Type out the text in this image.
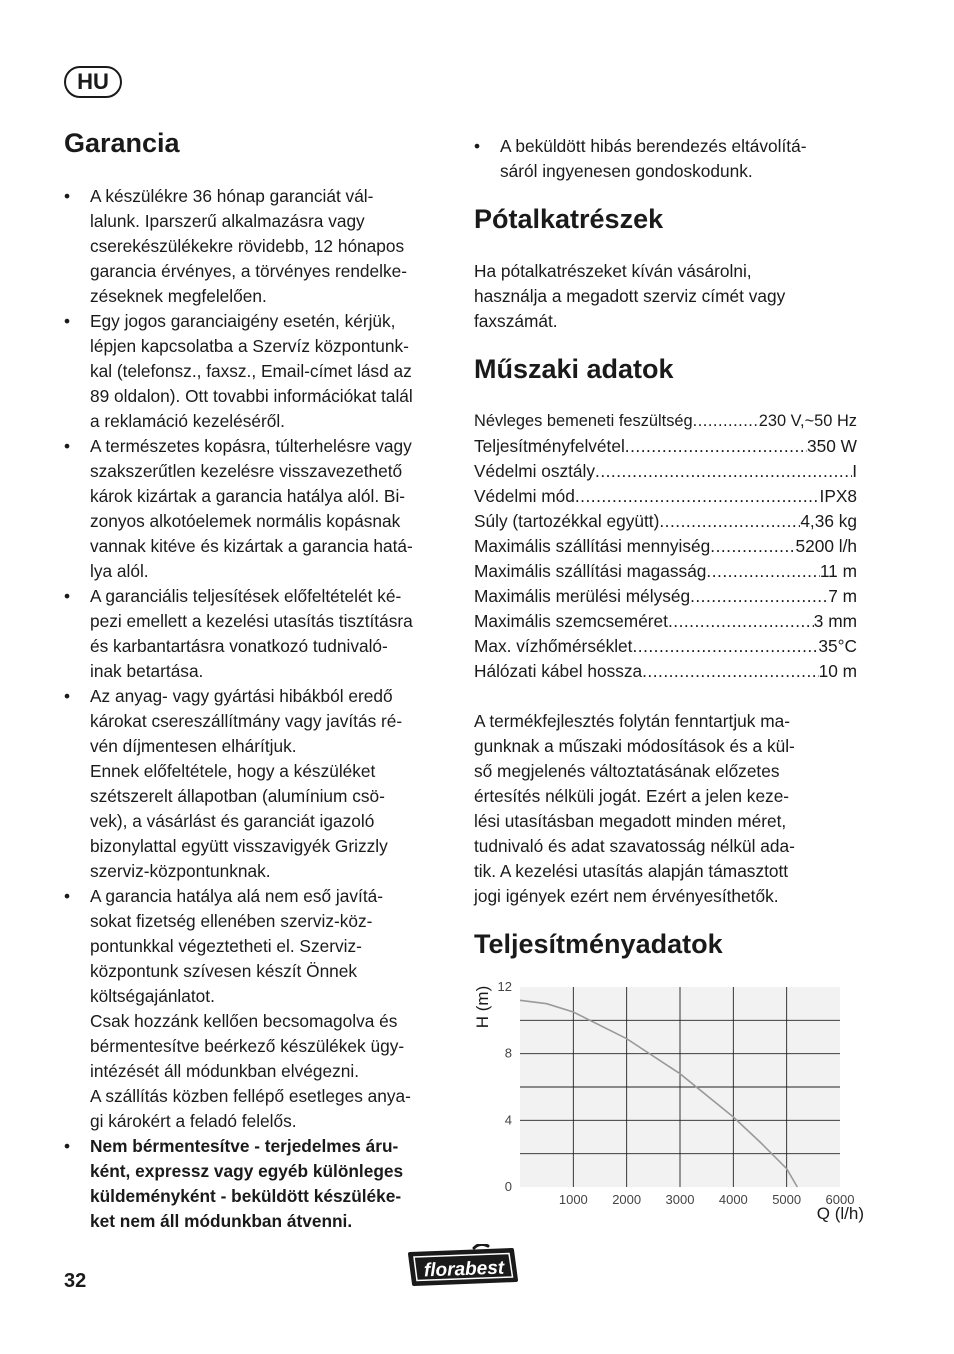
HU
Garancia
• A készülékre 36 hónap garanciát vál-
lalunk. Iparszerű alkalmazásra vagy
cserekészülékekre rövidebb, 12 hónapos
garancia érvényes, a törvényes rendelke-
zéseknek megfelelően.

• Egy jogos garanciaigény esetén, kérjük,
lépjen kapcsolatba a Szervíz központunk-
kal (telefonsz., faxsz., Email-címet lásd az
89 oldalon). Ott tovabbi információkat talál
a reklamáció kezeléséről.

• A természetes kopásra, túlterhelésre vagy
szakszerűtlen kezelésre visszavezethető
károk kizártak a garancia hatálya alól. Bi-
zonyos alkotóelemek normális kopásnak
vannak kitéve és kizártak a garancia hatá-
lya alól.

• A garanciális teljesítések előfeltételét ké-
pezi emellett a kezelési utasítás tisztításra
és karbantartásra vonatkozó tudnivaló-
inak betartása.

• Az anyag- vagy gyártási hibákból eredő
károkat csereszállítmány vagy javítás ré-
vén díjmentesen elhárítjuk.
Ennek előfeltétele, hogy a készüléket
szétszerelt állapotban (alumínium csö-
vek), a vásárlást és garanciát igazoló
bizonylattal együtt visszavigyék Grizzly
szerviz-központunknak.

• A garancia hatálya alá nem eső javítá-
sokat fizetség ellenében szerviz-köz-
pontunkkal végeztetheti el. Szerviz-
központunk szívesen készít Önnek
költségajánlatot.
Csak hozzánk kellően becsomagolva és
bérmentesítve beérkező készülékek ügy-
intézését áll módunkban elvégezni.
A szállítás közben fellépő esetleges anya-
gi károkért a feladó felelős.

• Nem bérmentesítve - terjedelmes áru-
ként, expressz vagy egyéb különleges
küldeményként - beküldött készüléke-
ket nem áll módunkban átvenni.

• A beküldött hibás berendezés eltávolítá-
sáról ingyenesen gondoskodunk.

Pótalkatrészek

Ha pótalkatrészeket kíván vásárolni,
használja a megadott szerviz címét vagy
faxszámát.

Műszaki adatok
Névleges bemeneti feszültség .....	230 V,~50 Hz
Teljesítményfelvétel .....	350 W
Védelmi osztály .....	I
Védelmi mód .....	IPX8
Súly (tartozékkal együtt) .....	4,36 kg
Maximális szállítási mennyiség .....	5200 l/h
Maximális szállítási magasság .....	11 m
Maximális merülési mélység .....	7 m
Maximális szemcseméret .....	3 mm
Max. vízhőmérséklet .....	35°C
Hálózati kábel hossza .....	10 m

A termékfejlesztés folytán fenntartjuk ma-
gunknak a műszaki módosítások és a kül-
ső megjelenés változtatásának előzetes
értesítés nélküli jogát. Ezért a jelen keze-
lési utasításban megadott minden méret,
tudnivaló és adat szavatosság nélkül ada-
tik. A kezelési utasítás alapján támasztott
jogi igények ezért nem érvényesíthetők.

Teljesítményadatok
1000 2000 3000 4000 5000 6000
0
4
8
12
H (m)
Q (l/h)
32	florabest
